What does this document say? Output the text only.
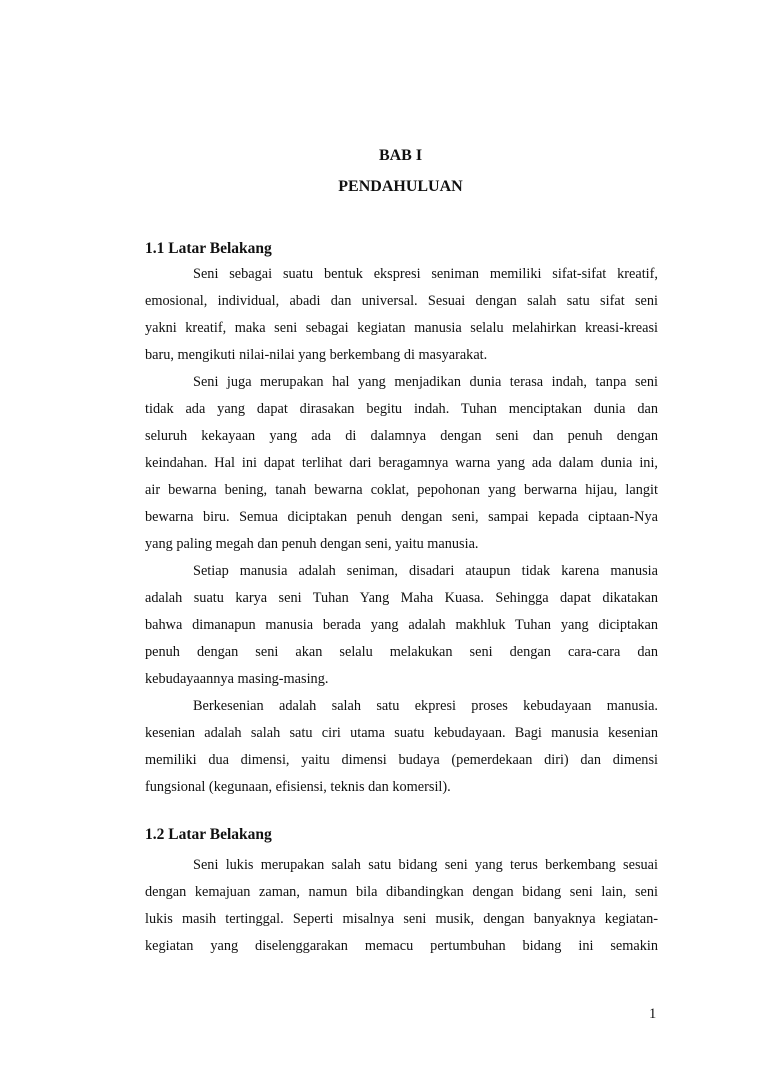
BAB I
PENDAHULUAN
1.1 Latar Belakang
Seni sebagai suatu bentuk ekspresi seniman memiliki sifat-sifat kreatif,
emosional, individual, abadi dan universal. Sesuai dengan salah satu sifat seni
yakni kreatif, maka seni sebagai kegiatan manusia selalu melahirkan kreasi-kreasi
baru, mengikuti nilai-nilai yang berkembang di masyarakat.
Seni juga merupakan hal yang menjadikan dunia terasa indah, tanpa seni
tidak ada yang dapat dirasakan begitu indah. Tuhan menciptakan dunia dan
seluruh kekayaan yang ada di dalamnya dengan seni dan penuh dengan
keindahan. Hal ini dapat terlihat dari beragamnya warna yang ada dalam dunia ini,
air bewarna bening, tanah bewarna coklat, pepohonan yang berwarna hijau, langit
bewarna biru. Semua diciptakan penuh dengan seni, sampai kepada ciptaan-Nya
yang paling megah dan penuh dengan seni, yaitu manusia.
Setiap manusia adalah seniman, disadari ataupun tidak karena manusia
adalah suatu karya seni Tuhan Yang Maha Kuasa. Sehingga dapat dikatakan
bahwa dimanapun manusia berada yang adalah makhluk Tuhan yang diciptakan
penuh dengan seni akan selalu melakukan seni dengan cara-cara dan
kebudayaannya masing-masing.
Berkesenian adalah salah satu ekpresi proses kebudayaan manusia.
kesenian adalah salah satu ciri utama suatu kebudayaan. Bagi manusia kesenian
memiliki dua dimensi, yaitu dimensi budaya (pemerdekaan diri) dan dimensi
fungsional (kegunaan, efisiensi, teknis dan komersil).
1.2 Latar Belakang
Seni lukis merupakan salah satu bidang seni yang terus berkembang sesuai
dengan kemajuan zaman, namun bila dibandingkan dengan bidang seni lain, seni
lukis masih tertinggal. Seperti misalnya seni musik, dengan banyaknya kegiatan-
kegiatan yang diselenggarakan memacu pertumbuhan bidang ini semakin
1
